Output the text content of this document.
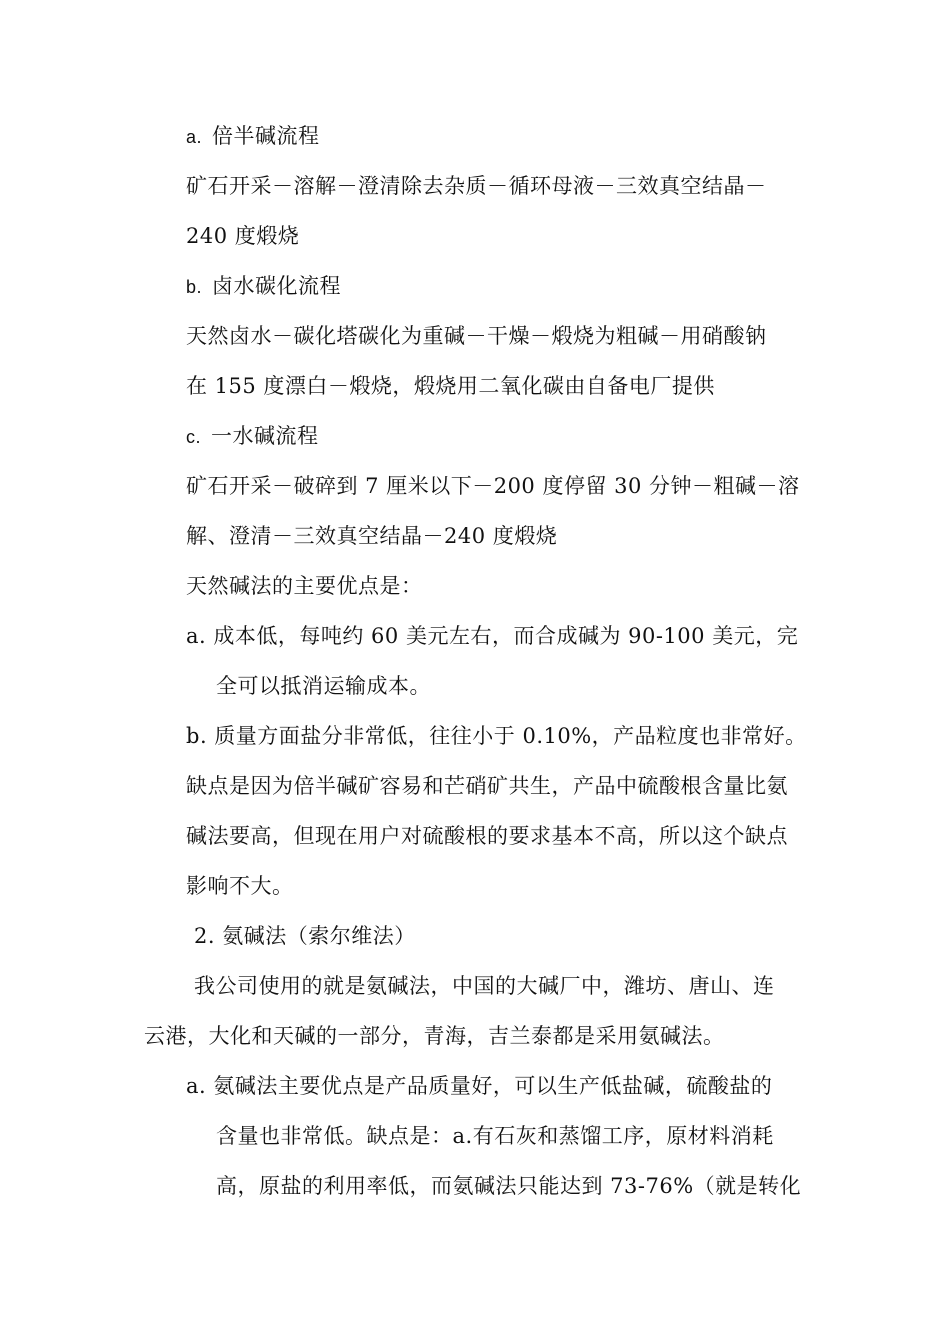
a. 倍半碱流程
矿石开采－溶解－澄清除去杂质－循环母液－三效真空结晶－
240 度煅烧
b. 卤水碳化流程
天然卤水－碳化塔碳化为重碱－干燥－煅烧为粗碱－用硝酸钠
在 155 度漂白－煅烧，煅烧用二氧化碳由自备电厂提供
c. 一水碱流程
矿石开采－破碎到 7 厘米以下－200 度停留 30 分钟－粗碱－溶
解、澄清－三效真空结晶－240 度煅烧
天然碱法的主要优点是：
a. 成本低，每吨约 60 美元左右，而合成碱为 90-100 美元，完
全可以抵消运输成本。
b. 质量方面盐分非常低，往往小于 0.10%，产品粒度也非常好。
缺点是因为倍半碱矿容易和芒硝矿共生，产品中硫酸根含量比氨
碱法要高，但现在用户对硫酸根的要求基本不高，所以这个缺点
影响不大。
2. 氨碱法（索尔维法）
我公司使用的就是氨碱法，中国的大碱厂中，潍坊、唐山、连
云港，大化和天碱的一部分，青海，吉兰泰都是采用氨碱法。
a. 氨碱法主要优点是产品质量好，可以生产低盐碱，硫酸盐的
含量也非常低。缺点是：a.有石灰和蒸馏工序，原材料消耗
高，原盐的利用率低，而氨碱法只能达到 73-76%（就是转化
